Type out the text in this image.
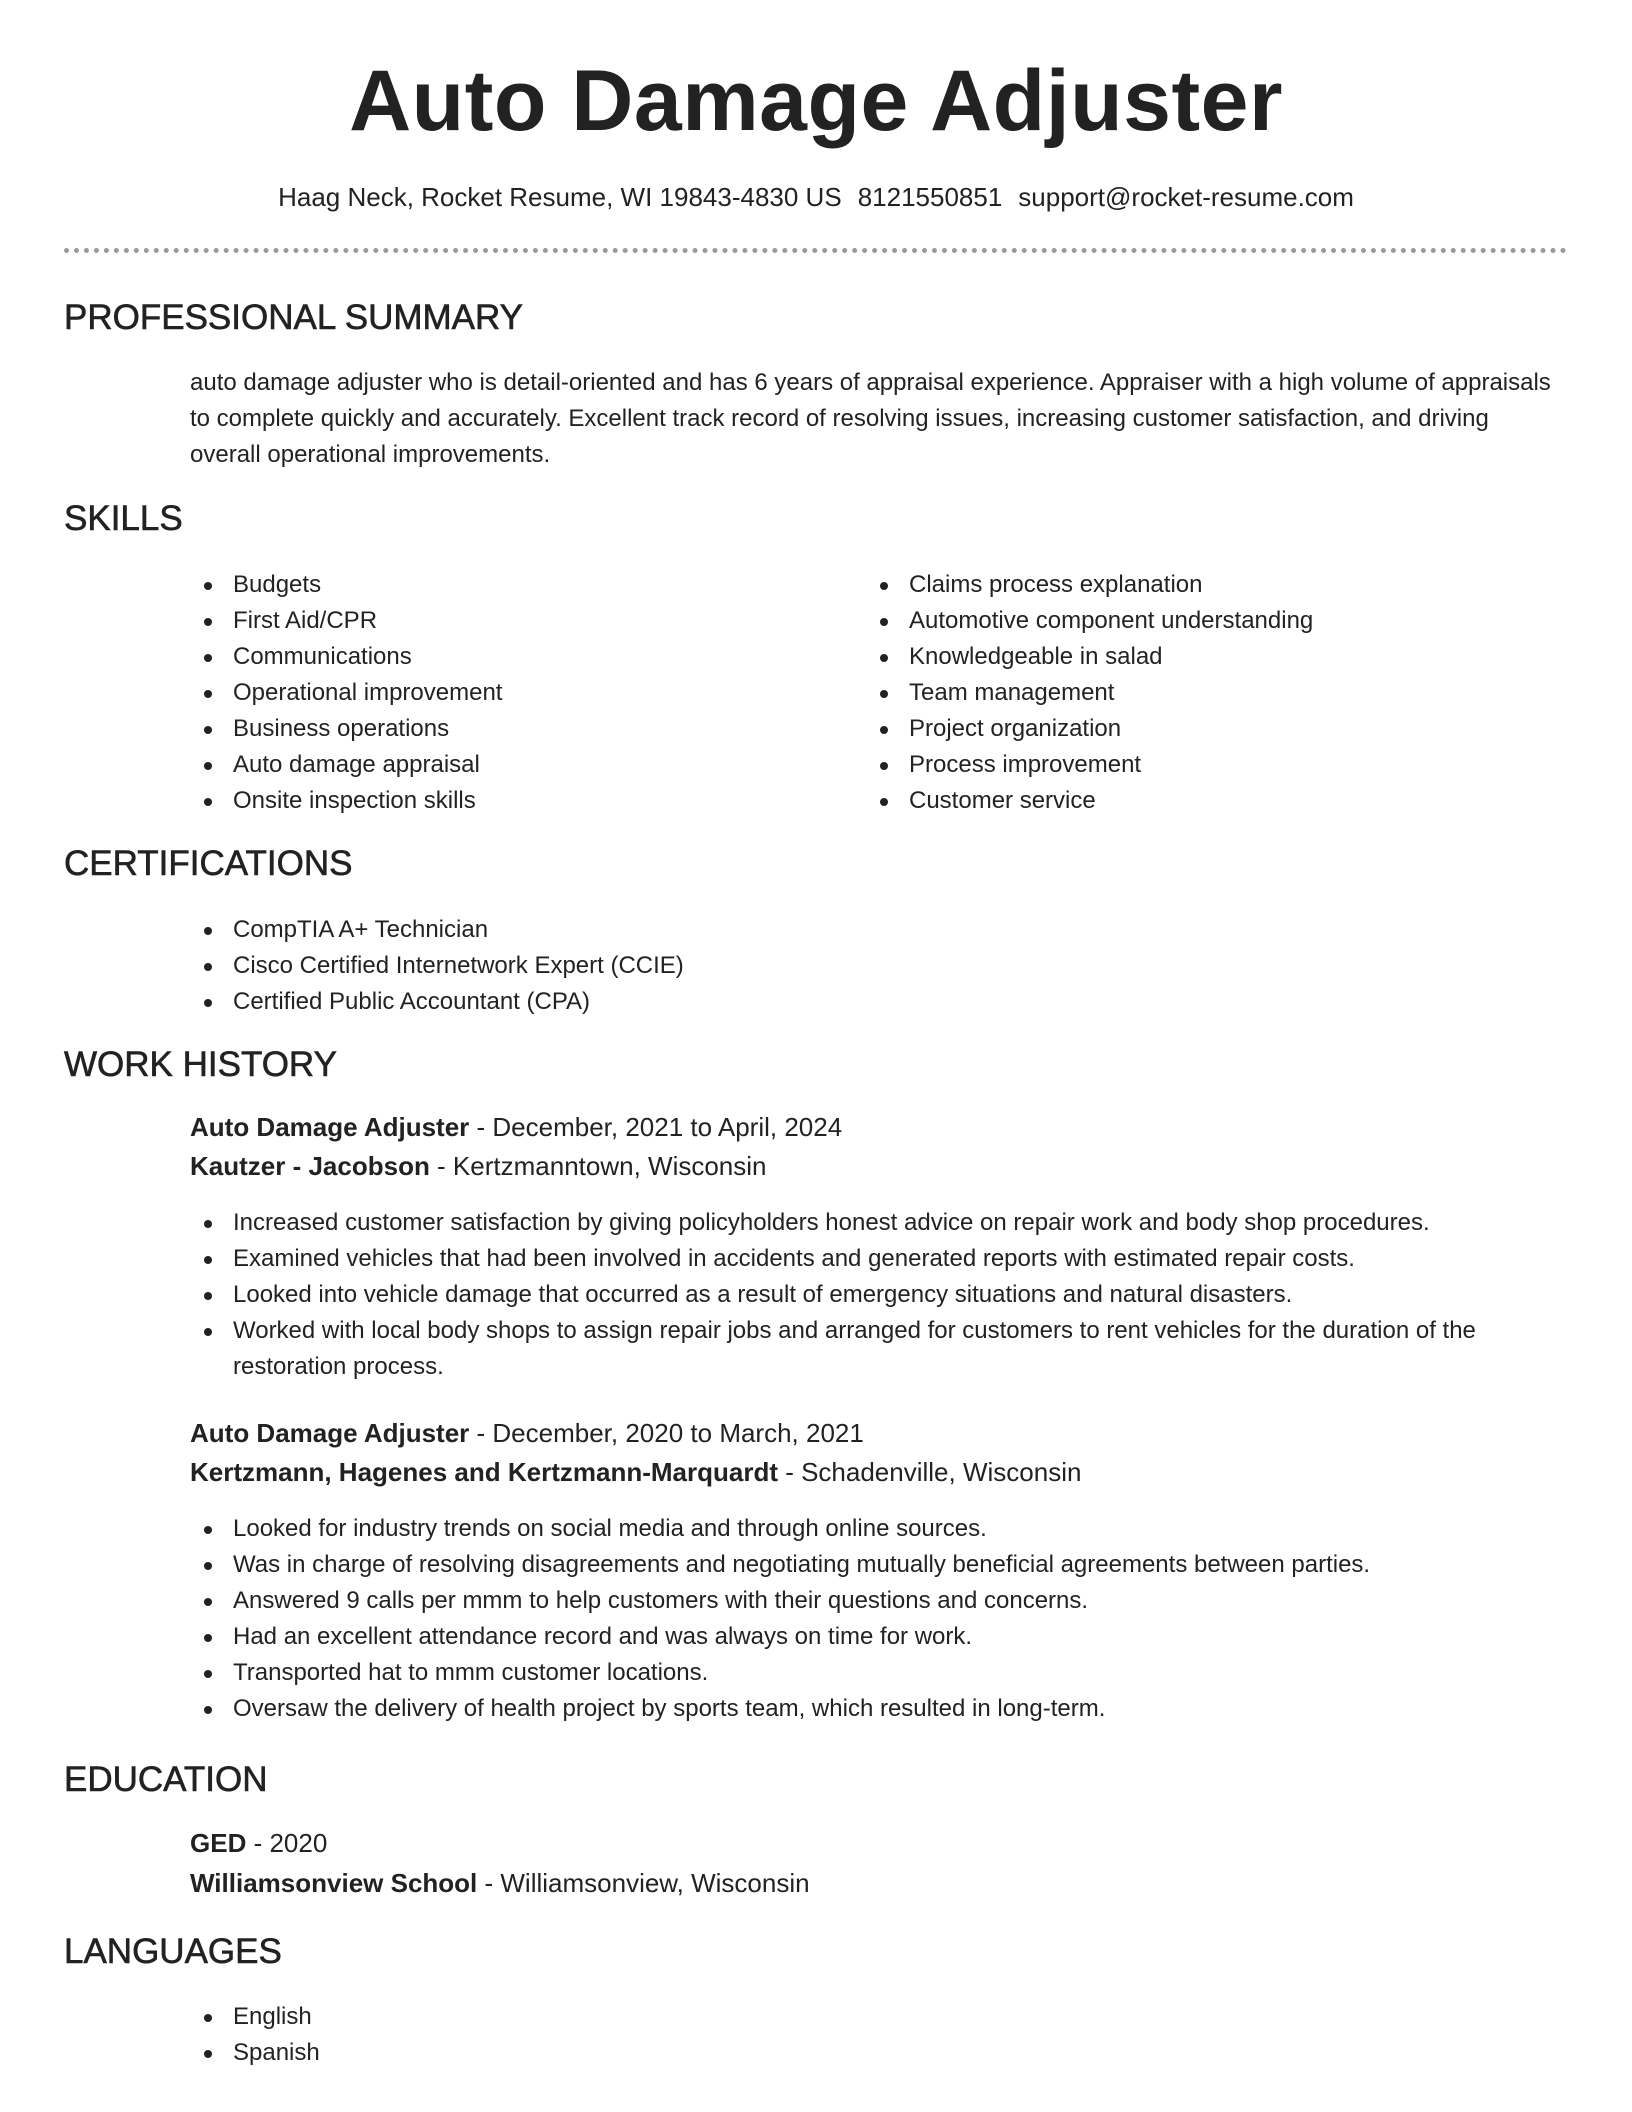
Auto Damage Adjuster
Haag Neck, Rocket Resume, WI 19843-4830 US 8121550851 support@rocket-resume.com
PROFESSIONAL SUMMARY

auto damage adjuster who is detail-oriented and has 6 years of appraisal experience. Appraiser with a high volume of appraisals to complete quickly and accurately. Excellent track record of resolving issues, increasing customer satisfaction, and driving overall operational improvements.

SKILLS
Budgets
First Aid/CPR
Communications
Operational improvement
Business operations
Auto damage appraisal
Onsite inspection skills
Claims process explanation
Automotive component understanding
Knowledgeable in salad
Team management
Project organization
Process improvement
Customer service
CERTIFICATIONS
CompTIA A+ Technician
Cisco Certified Internetwork Expert (CCIE)
Certified Public Accountant (CPA)
WORK HISTORY
Auto Damage Adjuster - December, 2021 to April, 2024
Kautzer - Jacobson - Kertzmanntown, Wisconsin
Increased customer satisfaction by giving policyholders honest advice on repair work and body shop procedures.
Examined vehicles that had been involved in accidents and generated reports with estimated repair costs.
Looked into vehicle damage that occurred as a result of emergency situations and natural disasters.
Worked with local body shops to assign repair jobs and arranged for customers to rent vehicles for the duration of the restoration process.
Auto Damage Adjuster - December, 2020 to March, 2021
Kertzmann, Hagenes and Kertzmann-Marquardt - Schadenville, Wisconsin
Looked for industry trends on social media and through online sources.
Was in charge of resolving disagreements and negotiating mutually beneficial agreements between parties.
Answered 9 calls per mmm to help customers with their questions and concerns.
Had an excellent attendance record and was always on time for work.
Transported hat to mmm customer locations.
Oversaw the delivery of health project by sports team, which resulted in long-term.
EDUCATION
GED - 2020
Williamsonview School - Williamsonview, Wisconsin
LANGUAGES
English
Spanish
